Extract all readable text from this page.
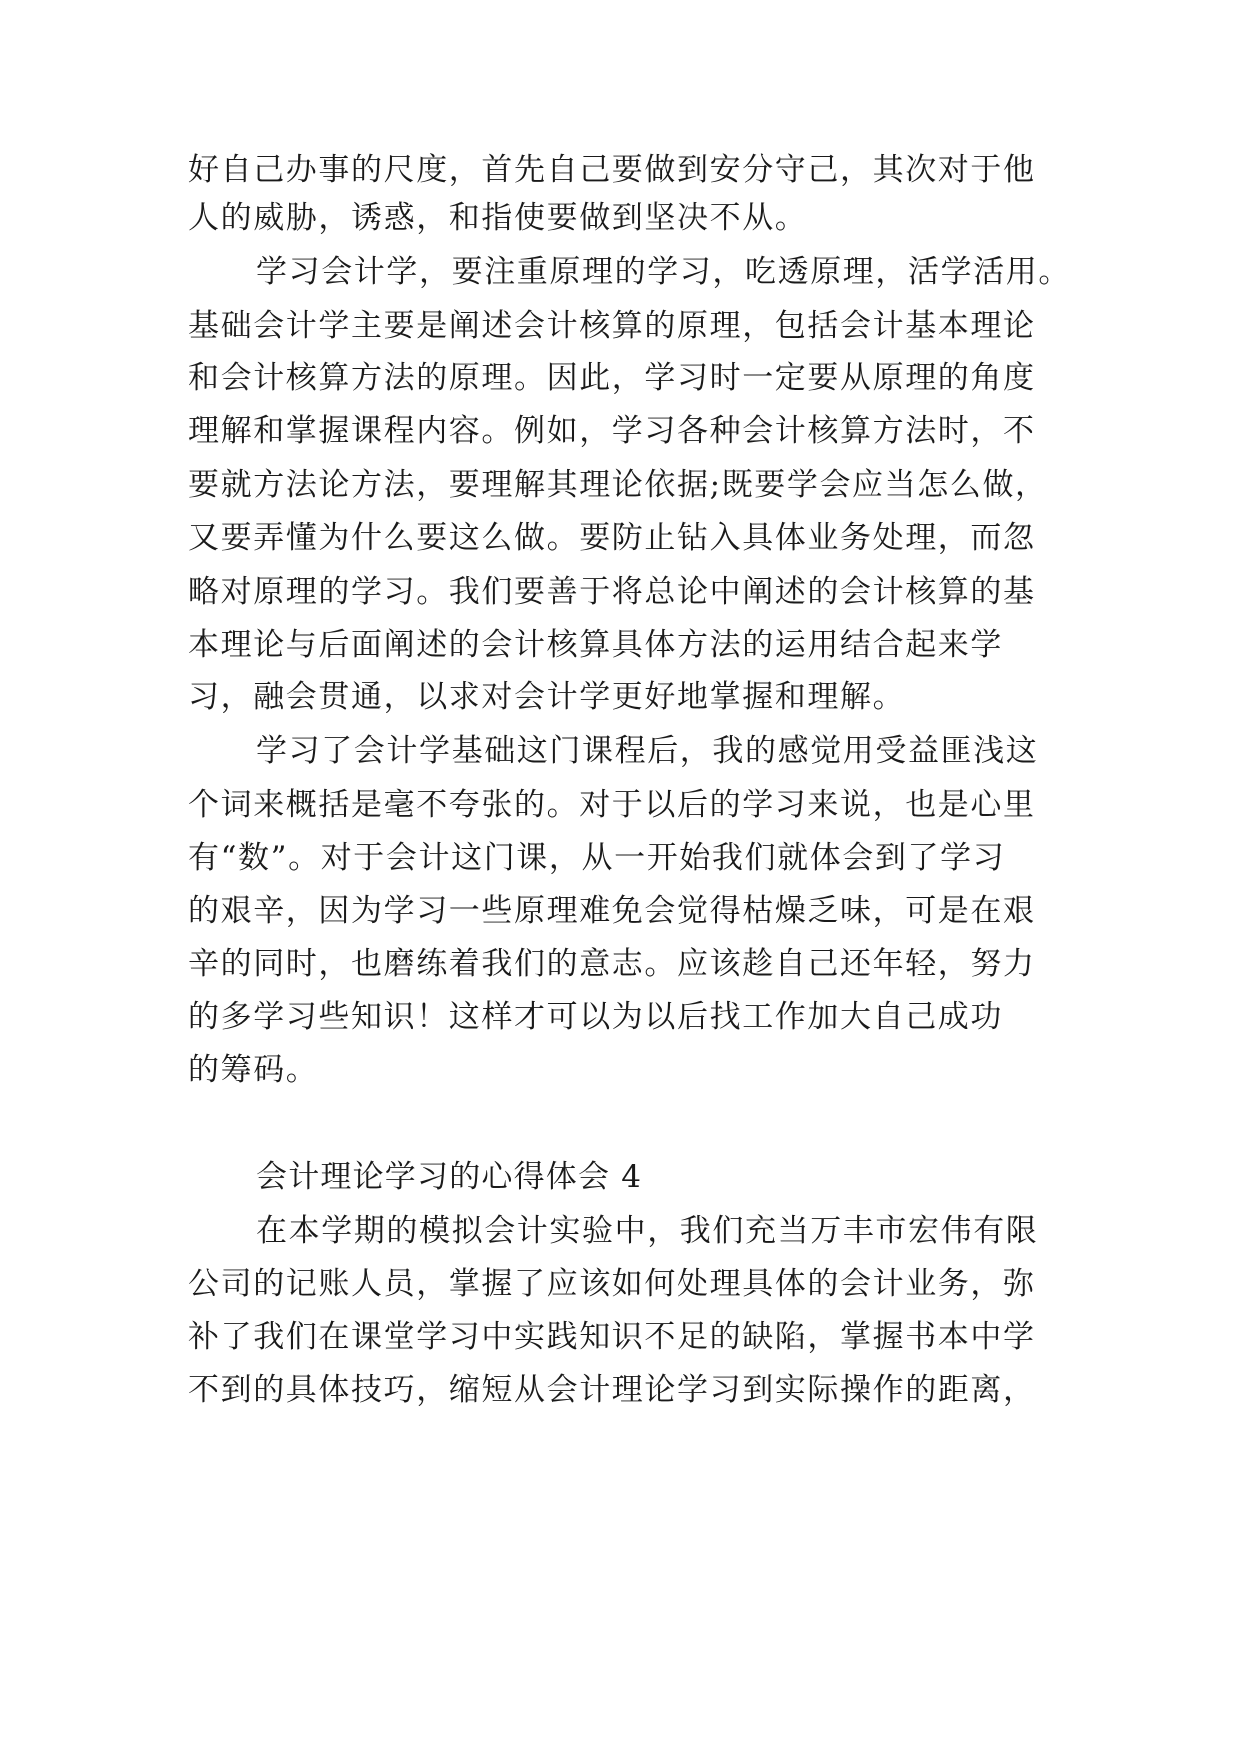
好自己办事的尺度，首先自己要做到安分守己，其次对于他
人的威胁，诱惑，和指使要做到坚决不从。
学习会计学，要注重原理的学习，吃透原理，活学活用。
基础会计学主要是阐述会计核算的原理，包括会计基本理论
和会计核算方法的原理。因此，学习时一定要从原理的角度
理解和掌握课程内容。例如，学习各种会计核算方法时，不
要就方法论方法，要理解其理论依据;既要学会应当怎么做，
又要弄懂为什么要这么做。要防止钻入具体业务处理，而忽
略对原理的学习。我们要善于将总论中阐述的会计核算的基
本理论与后面阐述的会计核算具体方法的运用结合起来学
习，融会贯通，以求对会计学更好地掌握和理解。
学习了会计学基础这门课程后，我的感觉用受益匪浅这
个词来概括是毫不夸张的。对于以后的学习来说，也是心里
有“数”。对于会计这门课，从一开始我们就体会到了学习
的艰辛，因为学习一些原理难免会觉得枯燥乏味，可是在艰
辛的同时，也磨练着我们的意志。应该趁自己还年轻，努力
的多学习些知识！这样才可以为以后找工作加大自己成功
的筹码。
会计理论学习的心得体会 4
在本学期的模拟会计实验中，我们充当万丰市宏伟有限
公司的记账人员，掌握了应该如何处理具体的会计业务，弥
补了我们在课堂学习中实践知识不足的缺陷，掌握书本中学
不到的具体技巧，缩短从会计理论学习到实际操作的距离，
